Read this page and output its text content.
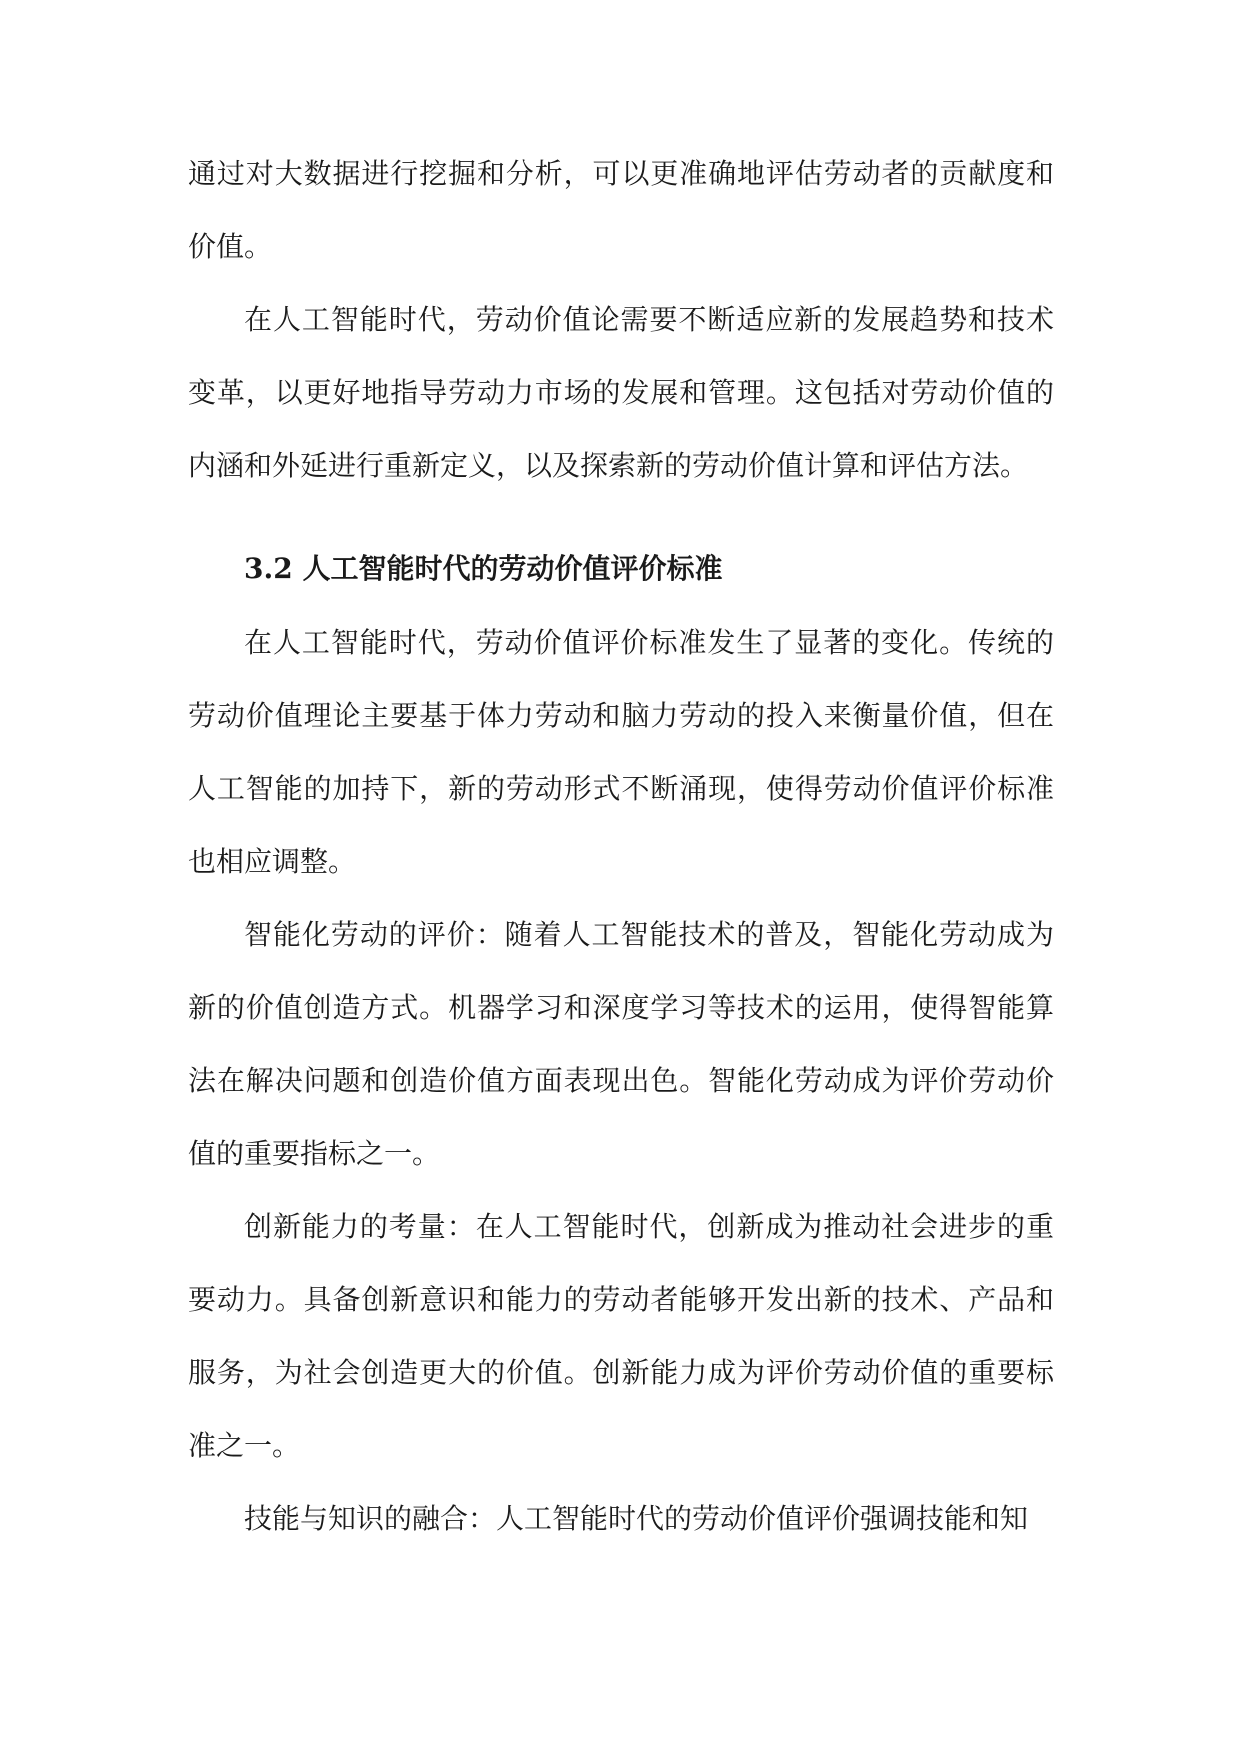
通过对大数据进行挖掘和分析，可以更准确地评估劳动者的贡献度和价值。

在人工智能时代，劳动价值论需要不断适应新的发展趋势和技术变革，以更好地指导劳动力市场的发展和管理。这包括对劳动价值的内涵和外延进行重新定义，以及探索新的劳动价值计算和评估方法。

3.2 人工智能时代的劳动价值评价标准

在人工智能时代，劳动价值评价标准发生了显著的变化。传统的劳动价值理论主要基于体力劳动和脑力劳动的投入来衡量价值，但在人工智能的加持下，新的劳动形式不断涌现，使得劳动价值评价标准也相应调整。

智能化劳动的评价：随着人工智能技术的普及，智能化劳动成为新的价值创造方式。机器学习和深度学习等技术的运用，使得智能算法在解决问题和创造价值方面表现出色。智能化劳动成为评价劳动价值的重要指标之一。

创新能力的考量：在人工智能时代，创新成为推动社会进步的重要动力。具备创新意识和能力的劳动者能够开发出新的技术、产品和服务，为社会创造更大的价值。创新能力成为评价劳动价值的重要标准之一。

技能与知识的融合：人工智能时代的劳动价值评价强调技能和知
